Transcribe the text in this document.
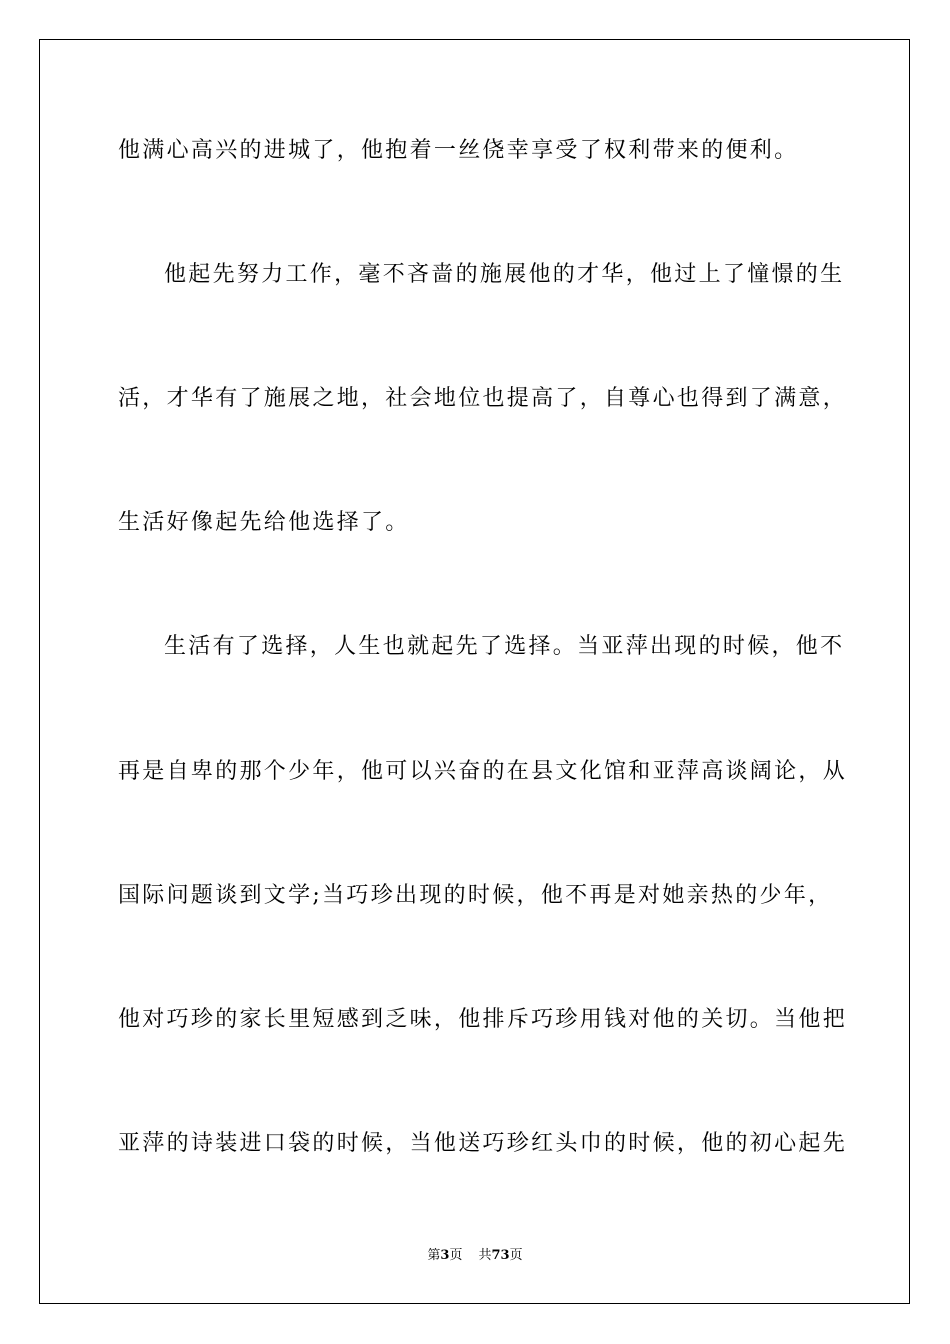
他满心高兴的进城了，他抱着一丝侥幸享受了权利带来的便利。
他起先努力工作，毫不吝啬的施展他的才华，他过上了憧憬的生
活，才华有了施展之地，社会地位也提高了，自尊心也得到了满意，
生活好像起先给他选择了。
生活有了选择，人生也就起先了选择。当亚萍出现的时候，他不
再是自卑的那个少年，他可以兴奋的在县文化馆和亚萍高谈阔论，从
国际问题谈到文学;当巧珍出现的时候，他不再是对她亲热的少年，
他对巧珍的家长里短感到乏味，他排斥巧珍用钱对他的关切。当他把
亚萍的诗装进口袋的时候，当他送巧珍红头巾的时候，他的初心起先
第3页 共73页
